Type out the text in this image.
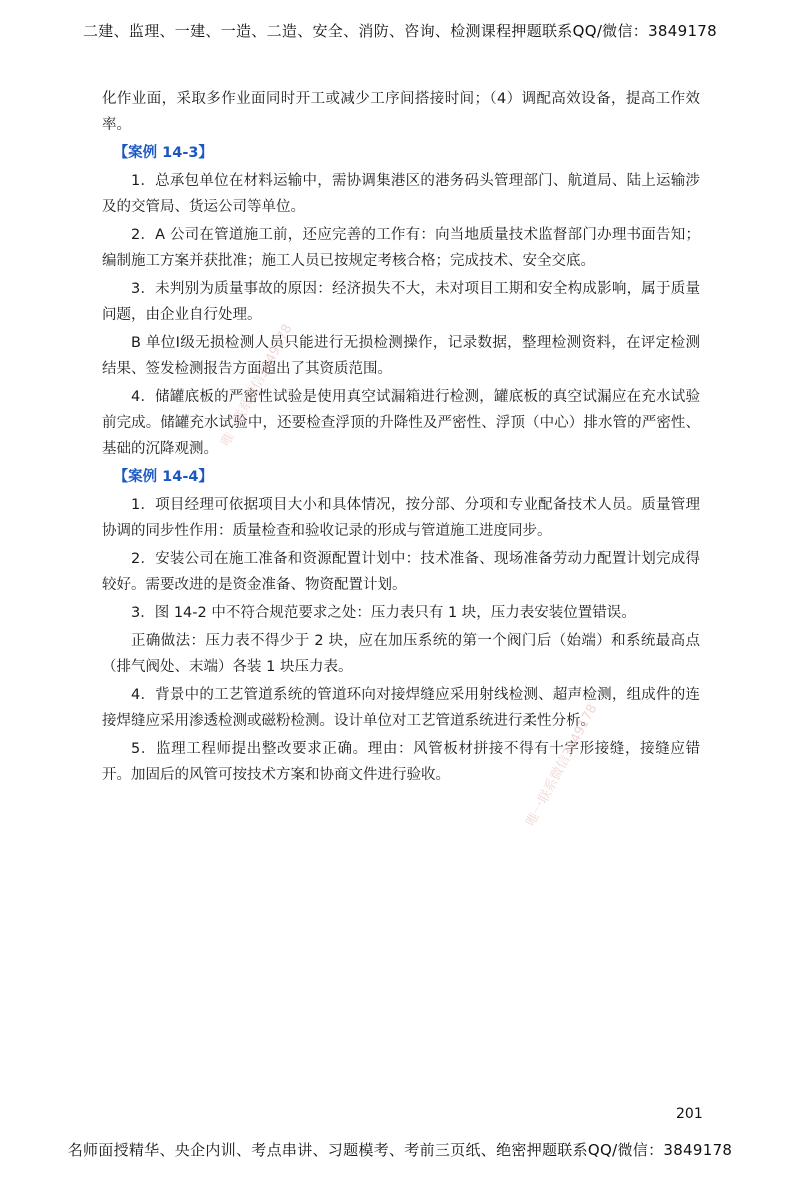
二建、监理、一建、一造、二造、安全、消防、咨询、检测课程押题联系QQ/微信：3849178

化作业面，采取多作业面同时开工或减少工序间搭接时间；（4）调配高效设备，提高工作效率。

【案例 14-3】

1．总承包单位在材料运输中，需协调集港区的港务码头管理部门、航道局、陆上运输涉及的交管局、货运公司等单位。

2．A 公司在管道施工前，还应完善的工作有：向当地质量技术监督部门办理书面告知；编制施工方案并获批准；施工人员已按规定考核合格；完成技术、安全交底。

3．未判别为质量事故的原因：经济损失不大，未对项目工期和安全构成影响，属于质量问题，由企业自行处理。

B 单位Ⅰ级无损检测人员只能进行无损检测操作，记录数据，整理检测资料，在评定检测结果、签发检测报告方面超出了其资质范围。

4．储罐底板的严密性试验是使用真空试漏箱进行检测，罐底板的真空试漏应在充水试验前完成。储罐充水试验中，还要检查浮顶的升降性及严密性、浮顶（中心）排水管的严密性、基础的沉降观测。

【案例 14-4】

1．项目经理可依据项目大小和具体情况，按分部、分项和专业配备技术人员。质量管理协调的同步性作用：质量检查和验收记录的形成与管道施工进度同步。

2．安装公司在施工准备和资源配置计划中：技术准备、现场准备劳动力配置计划完成得较好。需要改进的是资金准备、物资配置计划。

3．图 14-2 中不符合规范要求之处：压力表只有 1 块，压力表安装位置错误。

正确做法：压力表不得少于 2 块，应在加压系统的第一个阀门后（始端）和系统最高点（排气阀处、末端）各装 1 块压力表。

4．背景中的工艺管道系统的管道环向对接焊缝应采用射线检测、超声检测，组成件的连接焊缝应采用渗透检测或磁粉检测。设计单位对工艺管道系统进行柔性分析。

5．监理工程师提出整改要求正确。理由：风管板材拼接不得有十字形接缝，接缝应错开。加固后的风管可按技术方案和协商文件进行验收。

唯一联系微信3849178
唯一联系微信3849178
201
名师面授精华、央企内训、考点串讲、习题模考、考前三页纸、绝密押题联系QQ/微信：3849178
